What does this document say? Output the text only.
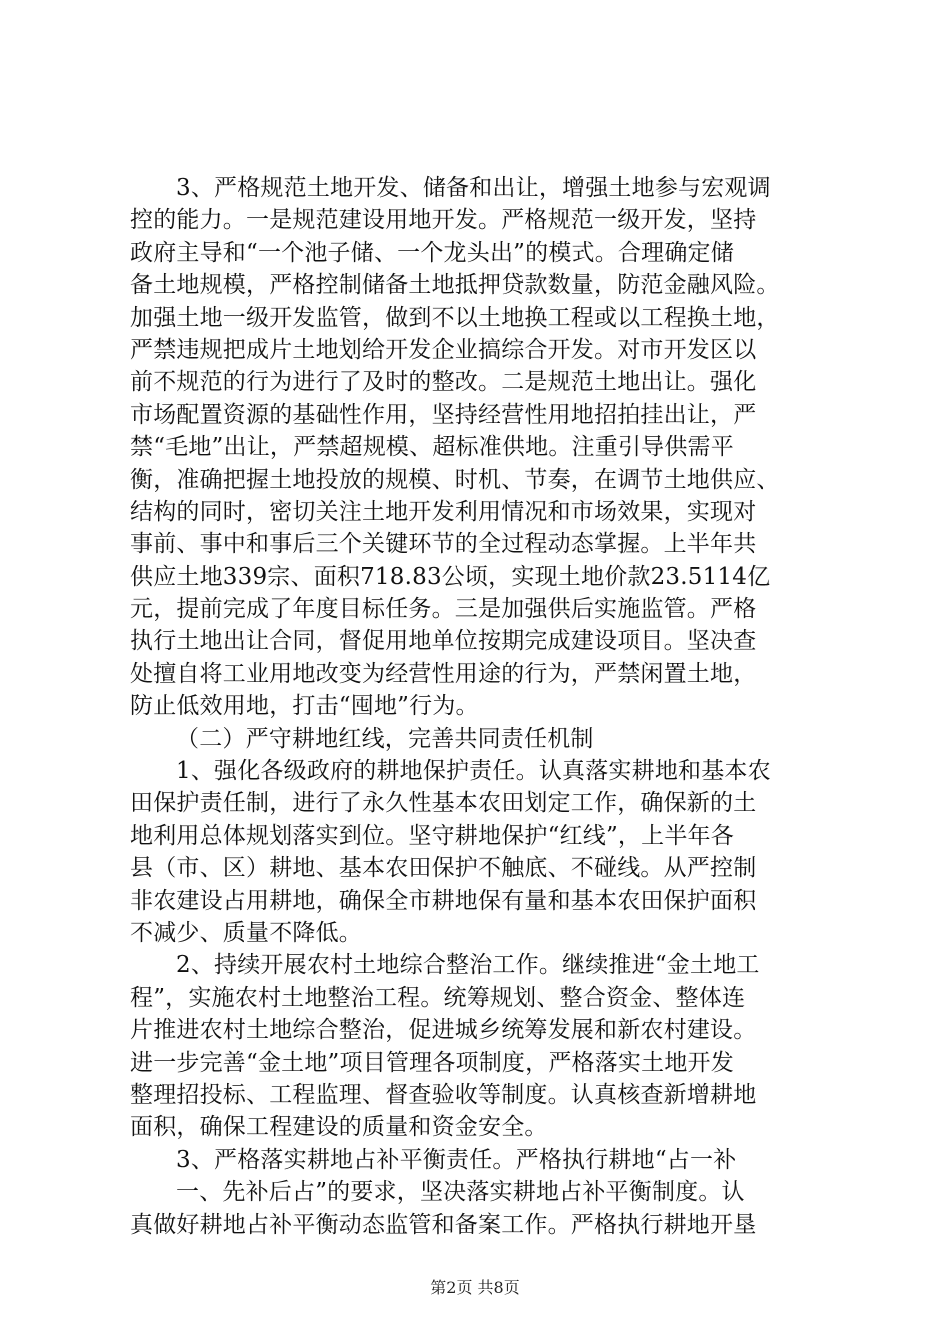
3、严格规范土地开发、储备和出让，增强土地参与宏观调
控的能力。一是规范建设用地开发。严格规范一级开发，坚持
政府主导和“一个池子储、一个龙头出”的模式。合理确定储
备土地规模，严格控制储备土地抵押贷款数量，防范金融风险。
加强土地一级开发监管，做到不以土地换工程或以工程换土地，
严禁违规把成片土地划给开发企业搞综合开发。对市开发区以
前不规范的行为进行了及时的整改。二是规范土地出让。强化
市场配置资源的基础性作用，坚持经营性用地招拍挂出让，严
禁“毛地”出让，严禁超规模、超标准供地。注重引导供需平
衡，准确把握土地投放的规模、时机、节奏，在调节土地供应、
结构的同时，密切关注土地开发利用情况和市场效果，实现对
事前、事中和事后三个关键环节的全过程动态掌握。上半年共
供应土地339宗、面积718.83公顷，实现土地价款23.5114亿
元，提前完成了年度目标任务。三是加强供后实施监管。严格
执行土地出让合同，督促用地单位按期完成建设项目。坚决查
处擅自将工业用地改变为经营性用途的行为，严禁闲置土地，
防止低效用地，打击“囤地”行为。
（二）严守耕地红线，完善共同责任机制
1、强化各级政府的耕地保护责任。认真落实耕地和基本农
田保护责任制，进行了永久性基本农田划定工作，确保新的土
地利用总体规划落实到位。坚守耕地保护“红线”，上半年各
县（市、区）耕地、基本农田保护不触底、不碰线。从严控制
非农建设占用耕地，确保全市耕地保有量和基本农田保护面积
不减少、质量不降低。
2、持续开展农村土地综合整治工作。继续推进“金土地工
程”，实施农村土地整治工程。统筹规划、整合资金、整体连
片推进农村土地综合整治，促进城乡统筹发展和新农村建设。
进一步完善“金土地”项目管理各项制度，严格落实土地开发
整理招投标、工程监理、督查验收等制度。认真核查新增耕地
面积，确保工程建设的质量和资金安全。
3、严格落实耕地占补平衡责任。严格执行耕地“占一补
一、先补后占”的要求，坚决落实耕地占补平衡制度。认
真做好耕地占补平衡动态监管和备案工作。严格执行耕地开垦
第2页 共8页
